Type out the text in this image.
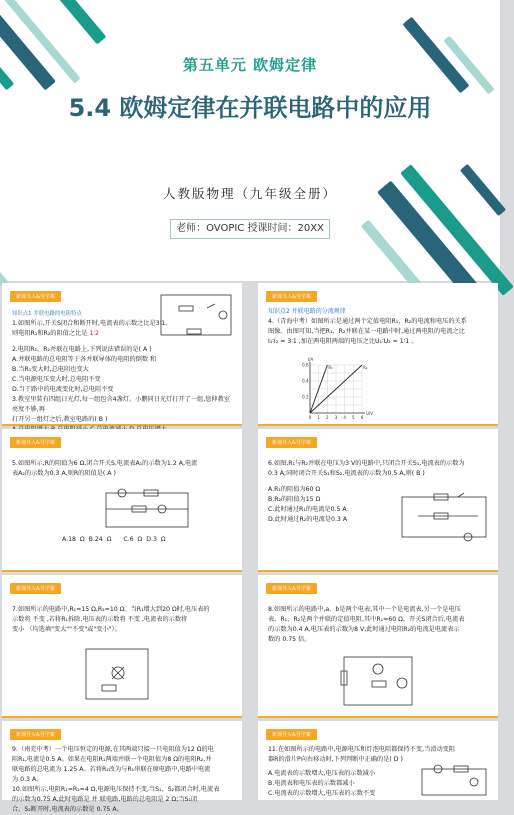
第五单元 欧姆定律
5.4 欧姆定律在并联电路中的应用
人教版物理（九年级全册）
老师：OVOPIC 授课时间：20XX
新课导入&导学案
知识点1 并联电路的电阻特点
1.如图所示,开关S闭合和断开时,电流表的示数之比是3∶1,
则电阻R₁和R₂的阻值之比是 1∶2
2.电阻R₁、R₂并联在电路上,下列说法错误的是( A )
A.并联电路的总电阻等于各并联导体的电阻的倒数 和
B.当R₁变大时,总电阻也变大
C.当电源电压变大时,总电阻不变
D.当干路中的电流变化时,总电阻不变
3.教室里装有四组日光灯,每一组包含4盏灯。小鹏同日光灯打开了一组,您伸教室亮度不够,再
打开另一组灯之后,教室电路的( B )
新课导入&导学案
知识点2 并联电路的分流规律
4.（青海中考）如图所示是通过两个定值电阻R₁、R₂的电流和电压的关系
图像。由图可知,当把R₁、R₂并联在某一电路中时,通过两电阻的电流之比
I₁∶I₂ = 3∶1 ,加在两电阻两端的电压之比U₁∶U₂ = 1∶1 。
0 1 2 3 4 5 6
0.2
0.4
0.6
U/V
I/A
R₁	R₂
新课导入&导学案
5.如图所示,R的阻值为6 Ω,闭合开关S,电流表A₁的示数为1.2 A,电流
表A₂的示数为0.3 A,则R的阻值是( A )
A.18 Ω B.24 Ω C.6 Ω D.3 Ω
新课导入&导学案
6.如图,R₁与R₂并联在电压为3 V的电路中,只闭合开关S₁,电流表的示数为
0.3 A;同时闭合开关S₁和S₂,电流表的示数为0.5 A,则( B )
A.R₁的阻值为60 Ω
B.R₂的阻值为15 Ω
C.此时通过R₁的电流是0.5 A
D.此时通过R₂的电流是0.3 A
新课导入&导学案
7.如图所示的电路中,R₁=15 Ω,R₂=10 Ω。当R₁增大到20 Ω时,电压表的
示数将 不变 ,若将R₁拆除,电压表的示数将 不变 ,电流表的示数将
变小 （均选填"变大""不变"或"变小"）。
新课导入&导学案
8.如图所示的电路中,a、b是两个电表,其中一个是电流表,另一个是电压
表。R₁、R₂是两个并联的定值电阻,其中R₁=60 Ω。开关S闭合后,电流表
的示数为0.4 A,电压表的示数为8 V,此时通过电阻R₂的电流是电流表示
数的 0.75 倍。
新课导入&导学案
9.（南充中考）一个电压恒定的电源,在其两端只接一只电阻值为12 Ω的电
阻R₁,电流是0.5 A。如果在电阻R₁两端并联一个电阻值为8 Ω的电阻R₂,并
联电路的总电流为 1.25 A。若将R₂改为与R₁串联在原电路中,电路中电流
为 0.3 A。
10.如图所示,电阻R₁=R₂=4 Ω,电源电压保持不变,当S₁、S₂都闭合时,电流表
的示数为0.75 A,此时电路是 并 联电路,电路的总电阻是 2 Ω;当S₁闭
合、S₂断开时,电流表的示数是 0.75 A。
新课导入&导学案
11.在如图所示的电路中,电源电压和灯泡电阻都保持不变,当滑动变阻
器R的滑片P向右移动时,下列判断中正确的是( D )
A.电流表的示数增大,电压表的示数减小
B.电流表和电压表的示数都减小
C.电流表的示数增大,电压表的示数不变
